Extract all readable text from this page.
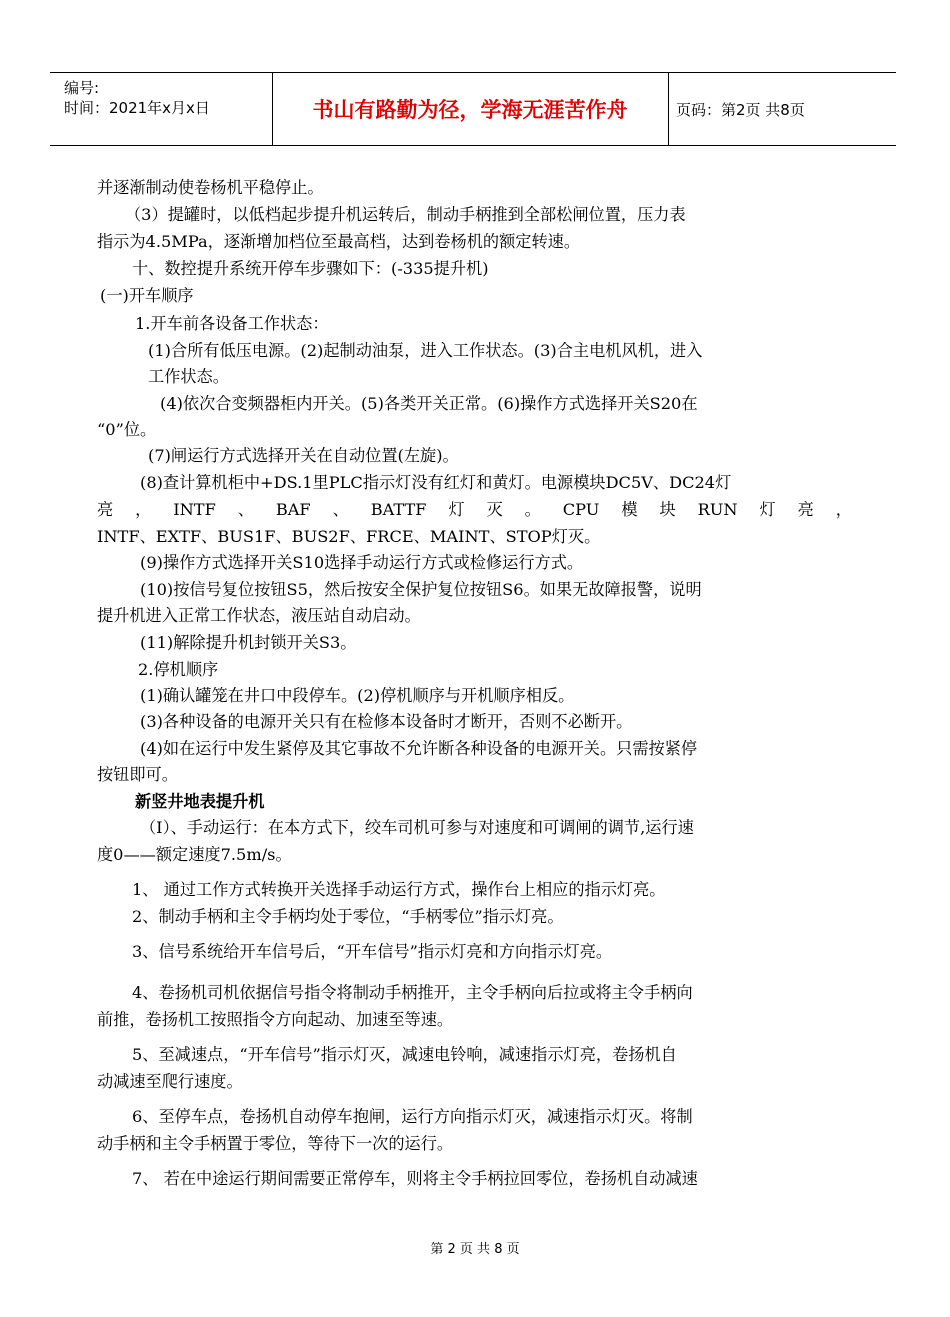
编号:
时间：2021年x月x日	书山有路勤为径，学海无涯苦作舟	页码：第2页 共8页
并逐渐制动使卷杨机平稳停止。
（3）提罐时，以低档起步提升机运转后，制动手柄推到全部松闸位置，压力表
指示为4.5MPa，逐渐增加档位至最高档，达到卷杨机的额定转速。
十、数控提升系统开停车步骤如下：(-335提升机)
(一)开车顺序
1.开车前各设备工作状态：
(1)合所有低压电源。(2)起制动油泵，进入工作状态。(3)合主电机风机，进入
工作状态。
(4)依次合变频器柜内开关。(5)各类开关正常。(6)操作方式选择开关S20在
“0”位。
(7)闸运行方式选择开关在自动位置(左旋)。
(8)查计算机柜中+DS.1里PLC指示灯没有红灯和黄灯。电源模块DC5V、DC24灯
亮 ， INTF 、 BAF 、 BATTF 灯 灭 。 CPU 模 块 RUN 灯 亮 ，
INTF、EXTF、BUS1F、BUS2F、FRCE、MAINT、STOP灯灭。
(9)操作方式选择开关S10选择手动运行方式或检修运行方式。
(10)按信号复位按钮S5，然后按安全保护复位按钮S6。如果无故障报警，说明
提升机进入正常工作状态，液压站自动启动。
(11)解除提升机封锁开关S3。
2.停机顺序
(1)确认罐笼在井口中段停车。(2)停机顺序与开机顺序相反。
(3)各种设备的电源开关只有在检修本设备时才断开，否则不必断开。
(4)如在运行中发生紧停及其它事故不允许断各种设备的电源开关。只需按紧停
按钮即可。
新竖井地表提升机
（I）、手动运行：在本方式下，绞车司机可参与对速度和可调闸的调节,运行速
度0——额定速度7.5m/s。
1、 通过工作方式转换开关选择手动运行方式，操作台上相应的指示灯亮。
2、制动手柄和主令手柄均处于零位，“手柄零位”指示灯亮。
3、信号系统给开车信号后，“开车信号”指示灯亮和方向指示灯亮。
4、卷扬机司机依据信号指令将制动手柄推开，主令手柄向后拉或将主令手柄向
前推，卷扬机工按照指令方向起动、加速至等速。
5、至减速点，“开车信号”指示灯灭，减速电铃响，减速指示灯亮，卷扬机自
动减速至爬行速度。
6、至停车点，卷扬机自动停车抱闸，运行方向指示灯灭，减速指示灯灭。将制
动手柄和主令手柄置于零位，等待下一次的运行。
7、 若在中途运行期间需要正常停车，则将主令手柄拉回零位，卷扬机自动减速
第 2 页 共 8 页
